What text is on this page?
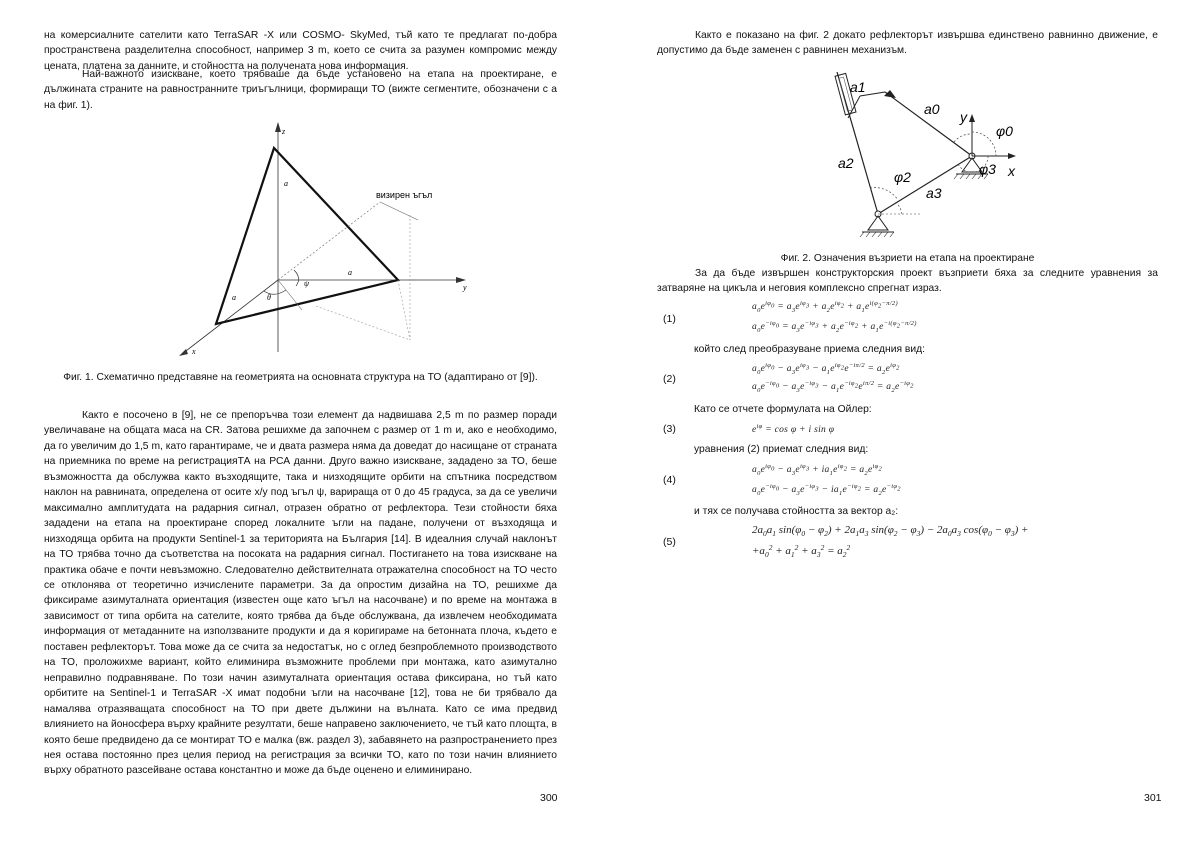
на комерсиалните сателити като TerraSAR -X или COSMO- SkyMed, тъй като те предлагат по-добра пространствена разделителна способност, например 3 m, което се счита за разумен компромис между цената, платена за данните, и стойността на получената нова информация.

Най-важното изискване, което трябваше да бъде установено на етапа на проектиране, е дължината страните на равностранните триъгълници, формиращи ТО (вижте сегментите, обозначени с а на фиг. 1).

z
y
x
a
a
a	θ
ψ
визирен ъгъл

Фиг. 1. Схематично представяне на геометрията на основната структура на ТО (адаптирано от [9]).

Както е посочено в [9], не се препоръчва този елемент да надвишава 2,5 m по размер поради увеличаване на общата маса на CR. Затова решихме да започнем с размер от 1 m и, ако е необходимо, да го увеличим до 1,5 m, като гарантираме, че и двата размера няма да доведат до насищане от страната на приемника по време на регистрацияТА на РСА данни. Друго важно изискване, зададено за ТО, беше възможността да обслужва както възходящите, така и низходящите орбити на спътника посредством наклон на равнината, определена от осите x/y под ъгъл ψ, варираща от 0 до 45 градуса, за да се увеличи максимално амплитудата на радарния сигнал, отразен обратно от рефлектора. Тези стойности бяха зададени на етапа на проектиране според локалните ъгли на падане, получени от възходяща и низходяща орбита на продукти Sentinel-1 за територията на България [14]. В идеалния случай наклонът на ТО трябва точно да съответства на посоката на радарния сигнал. Постигането на това изискване на практика обаче е почти невъзможно. Следователно действителната отражателна способност на ТО често се отклонява от теоретично изчислените параметри. За да опростим дизайна на ТО, решихме да фиксираме азимуталната ориентация (известен още като ъгъл на насочване) и по време на монтажа в зависимост от типа орбита на сателите, която трябва да бъде обслужвана, да извлечем необходимата информация от метаданните на използваните продукти и да я коригираме на бетонната плоча, където е поставен рефлекторът. Това може да се счита за недостатък, но с оглед безпроблемното производството на ТО, проложихме вариант, който елиминира възможните проблеми при монтажа, като азимутално неправилно подравняване. По този начин азимуталната ориентация остава фиксирана, но тъй като орбитите на Sentinel-1 и TerraSAR -X имат подобни ъгли на насочване [12], това не би трябвало да намалява отразяващата способност на ТО при двете дължини на вълната. Като се има предвид влиянието на йоносфера върху крайните резултати, беше направено заключението, че тъй като площта, в която беше предвидено да се монтират ТО е малка (вж. раздел 3), забавянето на разпространението през нея остава постоянно през целия период на регистрация за всички ТО, като по този начин влиянието върху обратното разсейване остава константно и може да бъде оценено и елиминирано.

300

Както е показано на фиг. 2 докато рефлекторът извършва единствено равнинно движение, е допустимо да бъде заменен с равнинен механизъм.

a1
a0
a2
a3
φ0
φ2	φ3
y
x

Фиг. 2. Означения възриети на етапа на проектиране

За да бъде извършен конструкторския проект възприети бяха за следните уравнения за затваряне на цикъла и неговия комплексно спрегнат израз.

(1)
$a_0e^{i\varphi_0} = a_3e^{i\varphi_3} + a_2e^{i\varphi_2} + a_1e^{i(\varphi_2-\pi/2)}$
$a_0e^{-i\varphi_0} = a_3e^{-i\varphi_3} + a_2e^{-i\varphi_2} + a_1e^{-i(\varphi_2-\pi/2)}$

който след преобразуване приема следния вид:

(2)
$a_0e^{i\varphi_0} - a_3e^{i\varphi_3} - a_1e^{i\varphi_2}e^{-i\pi/2} = a_2e^{i\varphi_2}$
$a_0e^{-i\varphi_0} - a_3e^{-i\varphi_3} - a_1e^{-i\varphi_2}e^{i\pi/2} = a_2e^{-i\varphi_2}$

Като се отчете формулата на Ойлер:

(3)	$e^{i\varphi} = \cos \varphi + i$ sin φ

уравнения (2) приемат следния вид:

(4)
$a_0e^{i\varphi_0} - a_3e^{i\varphi_3} + ia_1e^{i\varphi_2} = a_2e^{i\varphi_2}$
$a_0e^{-i\varphi_0} - a_3e^{-i\varphi_3} - ia_1e^{-i\varphi_2} = a_2e^{-i\varphi_2}$

и тях се получава стойността за вектор a₂:

(5)
$2a_0a_1$ $\sin(\varphi_0 - \varphi_2) + 2a_1a_3$ $\sin(\varphi_2 - \varphi_3) - 2a_0a_3$ $\cos(\varphi_0 - \varphi_3)$ +
$+a_0^2 + a_1^2 + a_3^2 = a_2^2$
301
